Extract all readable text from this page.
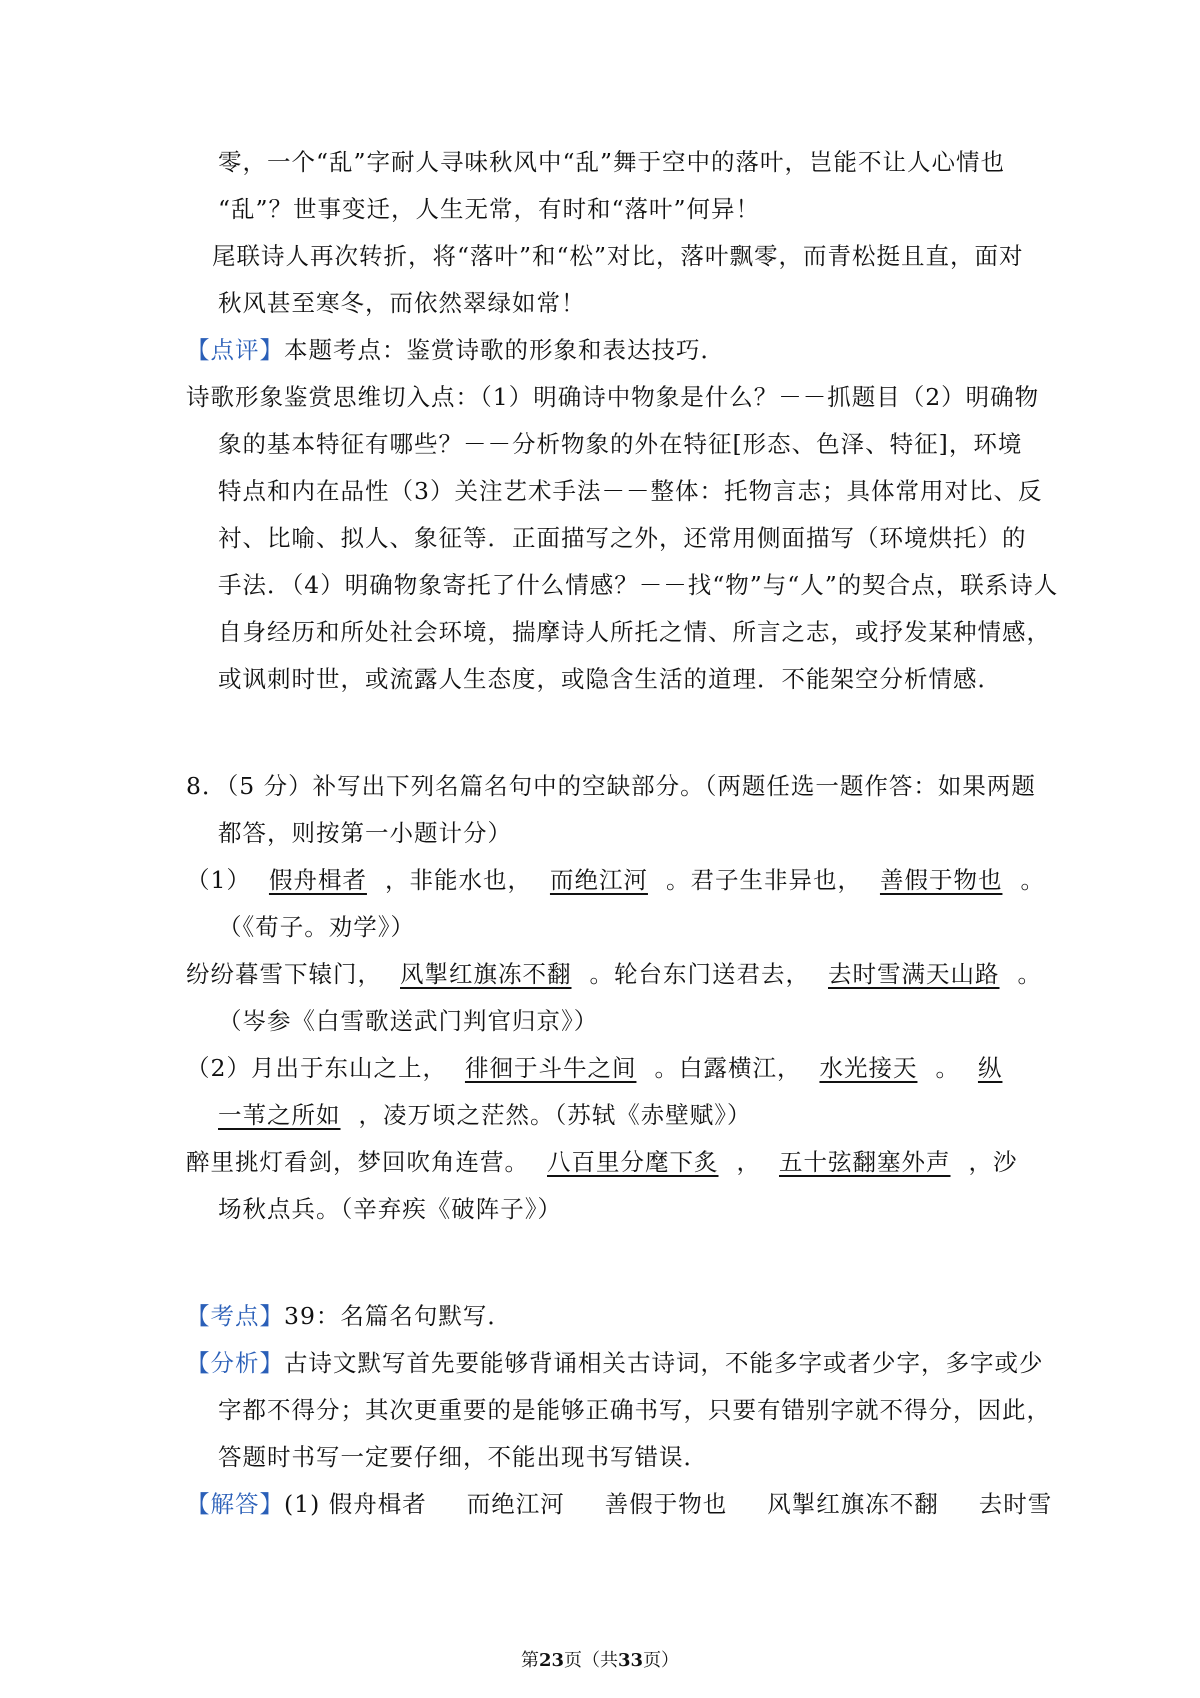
零，一个“乱”字耐人寻味秋风中“乱”舞于空中的落叶，岂能不让人心情也
“乱”？世事变迁，人生无常，有时和“落叶”何异！
尾联诗人再次转折，将“落叶”和“松”对比，落叶飘零，而青松挺且直，面对
秋风甚至寒冬，而依然翠绿如常！
【点评】本题考点：鉴赏诗歌的形象和表达技巧．
诗歌形象鉴赏思维切入点：（1）明确诗中物象是什么？－－抓题目（2）明确物
象的基本特征有哪些？－－分析物象的外在特征[形态、色泽、特征]，环境
特点和内在品性（3）关注艺术手法－－整体：托物言志；具体常用对比、反
衬、比喻、拟人、象征等．正面描写之外，还常用侧面描写（环境烘托）的
手法．（4）明确物象寄托了什么情感？－－找“物”与“人”的契合点，联系诗人
自身经历和所处社会环境，揣摩诗人所托之情、所言之志，或抒发某种情感，
或讽刺时世，或流露人生态度，或隐含生活的道理．不能架空分析情感．
8．（5 分）补写出下列名篇名句中的空缺部分。（两题任选一题作答：如果两题
都答，则按第一小题计分）
（1） 假舟楫者 ，非能水也， 而绝江河 。君子生非异也， 善假于物也 。
（《荀子。劝学》）
纷纷暮雪下辕门， 风掣红旗冻不翻 。轮台东门送君去， 去时雪满天山路 。
（岑参《白雪歌送武门判官归京》）
（2）月出于东山之上， 徘徊于斗牛之间 。白露横江， 水光接天 。 纵
一苇之所如 ，凌万顷之茫然。（苏轼《赤壁赋》）
醉里挑灯看剑，梦回吹角连营。 八百里分麾下炙 ， 五十弦翻塞外声 ，沙
场秋点兵。（辛弃疾《破阵子》）
【考点】39：名篇名句默写．
【分析】古诗文默写首先要能够背诵相关古诗词，不能多字或者少字，多字或少
字都不得分；其次更重要的是能够正确书写，只要有错别字就不得分，因此，
答题时书写一定要仔细，不能出现书写错误．
【解答】(1) 假舟楫者 而绝江河 善假于物也 风掣红旗冻不翻 去时雪
第23页（共33页）
